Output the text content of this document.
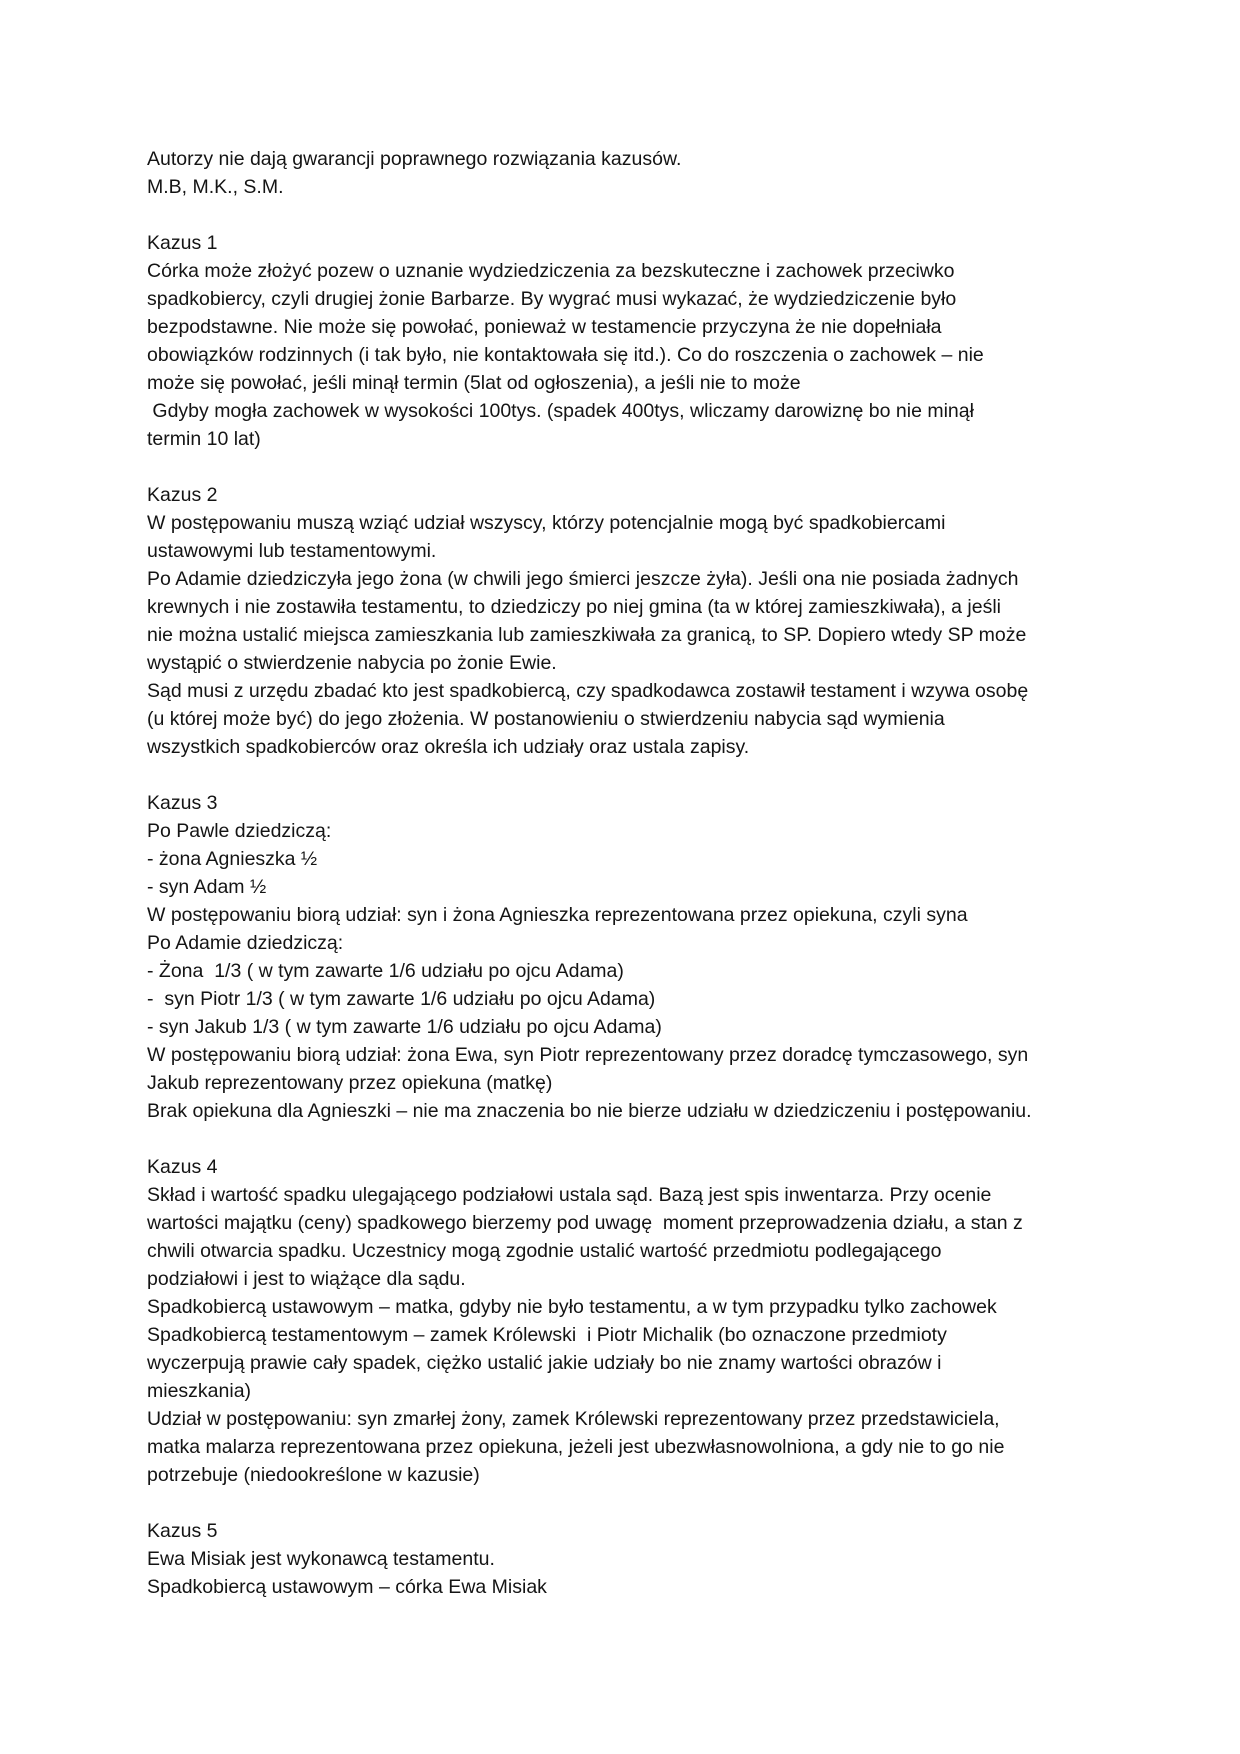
Autorzy nie dają gwarancji poprawnego rozwiązania kazusów.
M.B, M.K., S.M.
Kazus 1
Córka może złożyć pozew o uznanie wydziedziczenia za bezskuteczne i zachowek przeciwko
spadkobiercy, czyli drugiej żonie Barbarze. By wygrać musi wykazać, że wydziedziczenie było
bezpodstawne. Nie może się powołać, ponieważ w testamencie przyczyna że nie dopełniała
obowiązków rodzinnych (i tak było, nie kontaktowała się itd.). Co do roszczenia o zachowek – nie
może się powołać, jeśli minął termin (5lat od ogłoszenia), a jeśli nie to może
Gdyby mogła zachowek w wysokości 100tys. (spadek 400tys, wliczamy darowiznę bo nie minął
termin 10 lat)
Kazus 2
W postępowaniu muszą wziąć udział wszyscy, którzy potencjalnie mogą być spadkobiercami
ustawowymi lub testamentowymi.
Po Adamie dziedziczyła jego żona (w chwili jego śmierci jeszcze żyła). Jeśli ona nie posiada żadnych
krewnych i nie zostawiła testamentu, to dziedziczy po niej gmina (ta w której zamieszkiwała), a jeśli
nie można ustalić miejsca zamieszkania lub zamieszkiwała za granicą, to SP. Dopiero wtedy SP może
wystąpić o stwierdzenie nabycia po żonie Ewie.
Sąd musi z urzędu zbadać kto jest spadkobiercą, czy spadkodawca zostawił testament i wzywa osobę
(u której może być) do jego złożenia. W postanowieniu o stwierdzeniu nabycia sąd wymienia
wszystkich spadkobierców oraz określa ich udziały oraz ustala zapisy.
Kazus 3
Po Pawle dziedziczą:
- żona Agnieszka ½
- syn Adam ½
W postępowaniu biorą udział: syn i żona Agnieszka reprezentowana przez opiekuna, czyli syna
Po Adamie dziedziczą:
- Żona  1/3 ( w tym zawarte 1/6 udziału po ojcu Adama)
-  syn Piotr 1/3 ( w tym zawarte 1/6 udziału po ojcu Adama)
- syn Jakub 1/3 ( w tym zawarte 1/6 udziału po ojcu Adama)
W postępowaniu biorą udział: żona Ewa, syn Piotr reprezentowany przez doradcę tymczasowego, syn
Jakub reprezentowany przez opiekuna (matkę)
Brak opiekuna dla Agnieszki – nie ma znaczenia bo nie bierze udziału w dziedziczeniu i postępowaniu.
Kazus 4
Skład i wartość spadku ulegającego podziałowi ustala sąd. Bazą jest spis inwentarza. Przy ocenie
wartości majątku (ceny) spadkowego bierzemy pod uwagę  moment przeprowadzenia działu, a stan z
chwili otwarcia spadku. Uczestnicy mogą zgodnie ustalić wartość przedmiotu podlegającego
podziałowi i jest to wiążące dla sądu.
Spadkobiercą ustawowym – matka, gdyby nie było testamentu, a w tym przypadku tylko zachowek
Spadkobiercą testamentowym – zamek Królewski  i Piotr Michalik (bo oznaczone przedmioty
wyczerpują prawie cały spadek, ciężko ustalić jakie udziały bo nie znamy wartości obrazów i
mieszkania)
Udział w postępowaniu: syn zmarłej żony, zamek Królewski reprezentowany przez przedstawiciela,
matka malarza reprezentowana przez opiekuna, jeżeli jest ubezwłasnowolniona, a gdy nie to go nie
potrzebuje (niedookreślone w kazusie)
Kazus 5
Ewa Misiak jest wykonawcą testamentu.
Spadkobiercą ustawowym – córka Ewa Misiak
